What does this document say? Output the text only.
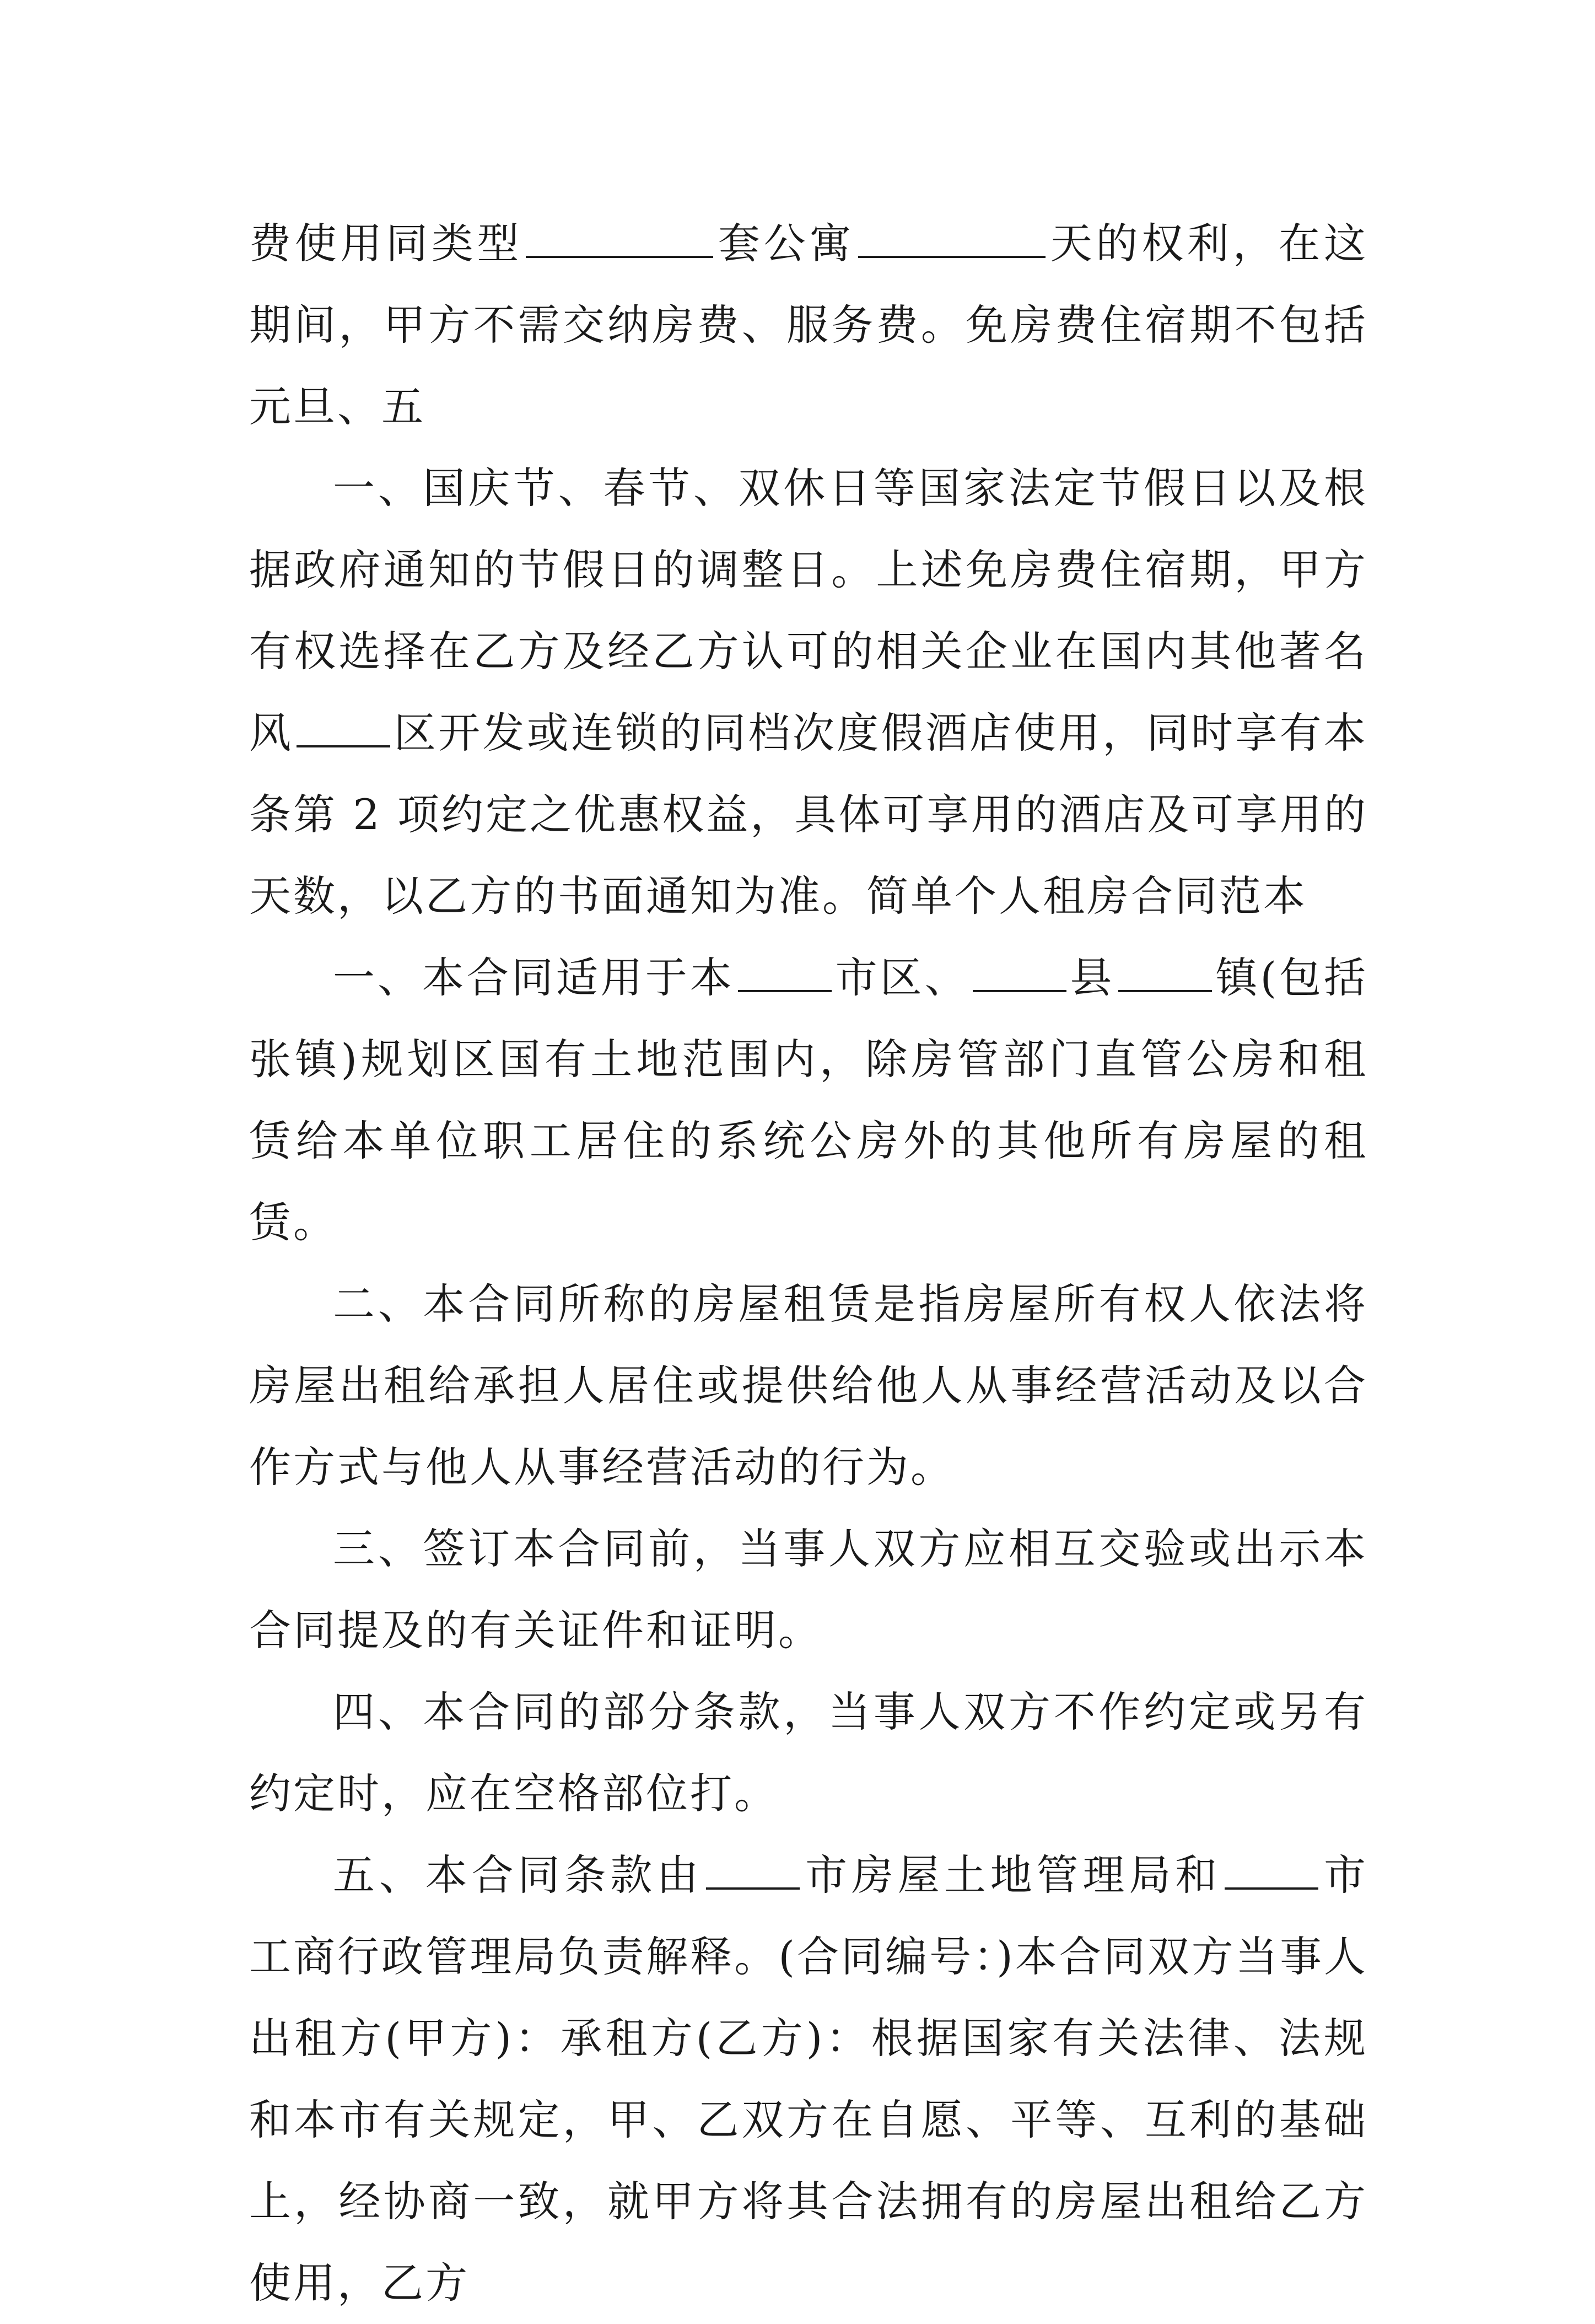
费使用同类型	套公寓	天的权利，在这期间，甲方不需交纳房费、服务费。免房费住宿期不包括元旦、五

一、国庆节、春节、双休日等国家法定节假日以及根据政府通知的节假日的调整日。上述免房费住宿期，甲方有权选择在乙方及经乙方认可的相关企业在国内其他著名风 区开发或连锁的同档次度假酒店使用，同时享有本条第 2 项约定之优惠权益，具体可享用的酒店及可享用的天数，以乙方的书面通知为准。简单个人租房合同范本

一、本合同适用于本 市区、 县 镇(包括张镇)规划区国有土地范围内，除房管部门直管公房和租赁给本单位职工居住的系统公房外的其他所有房屋的租赁。

二、本合同所称的房屋租赁是指房屋所有权人依法将房屋出租给承担人居住或提供给他人从事经营活动及以合作方式与他人从事经营活动的行为。

三、签订本合同前，当事人双方应相互交验或出示本合同提及的有关证件和证明。

四、本合同的部分条款，当事人双方不作约定或另有约定时，应在空格部位打。

五、本合同条款由 市房屋土地管理局和 市工商行政管理局负责解释。(合同编号：)本合同双方当事人出租方(甲方)：承租方(乙方)：根据国家有关法律、法规和本市有关规定，甲、乙双方在自愿、平等、互利的基础上，经协商一致，就甲方将其合法拥有的房屋出租给乙方使用，乙方
